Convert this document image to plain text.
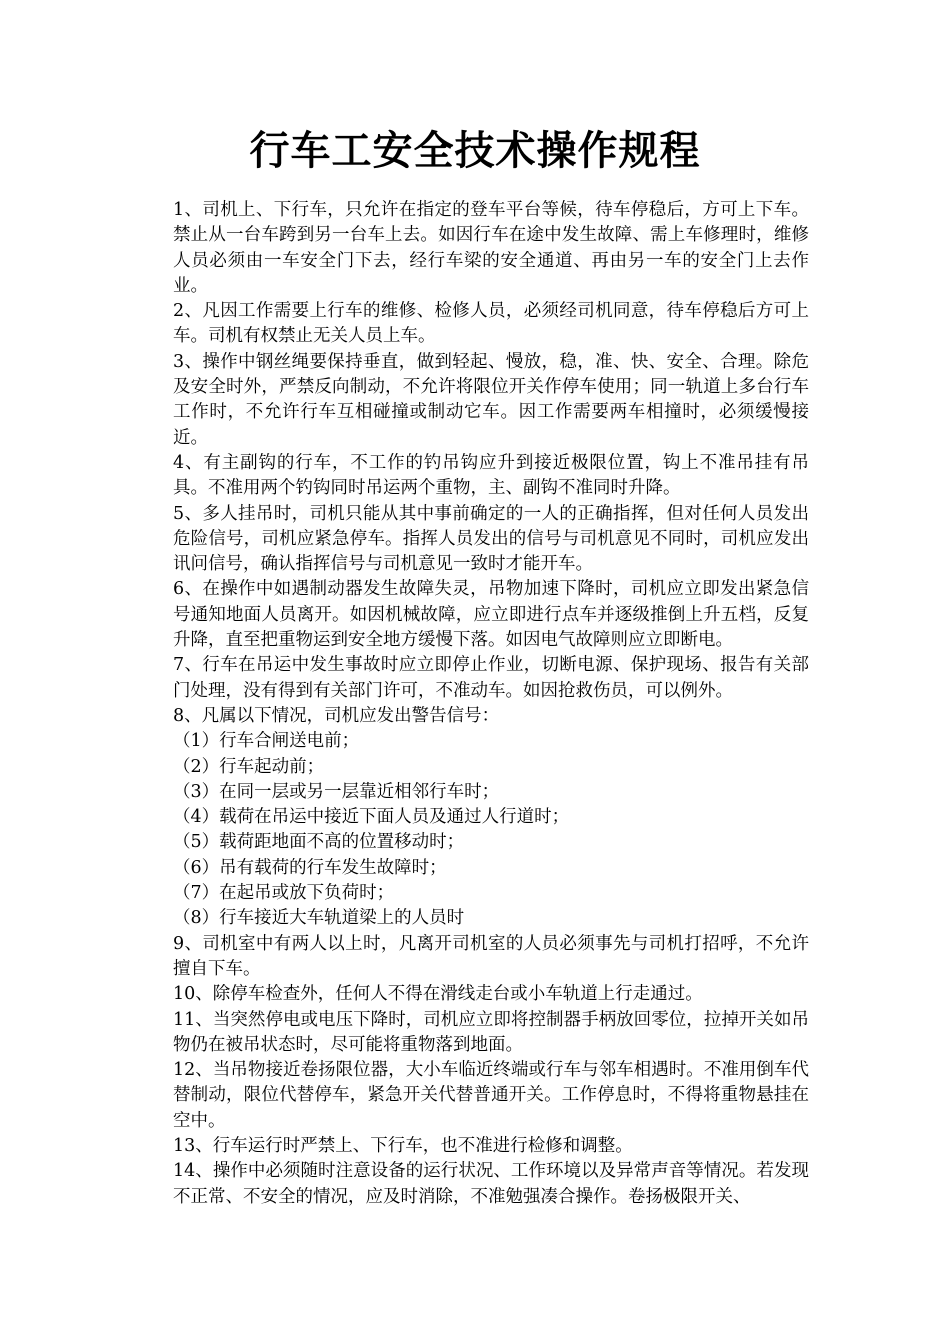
行车工安全技术操作规程

1、司机上、下行车，只允许在指定的登车平台等候，待车停稳后，方可上下车。禁止从一台车跨到另一台车上去。如因行车在途中发生故障、需上车修理时，维修人员必须由一车安全门下去，经行车梁的安全通道、再由另一车的安全门上去作业。

2、凡因工作需要上行车的维修、检修人员，必须经司机同意，待车停稳后方可上车。司机有权禁止无关人员上车。

3、操作中钢丝绳要保持垂直，做到轻起、慢放，稳，准、快、安全、合理。除危及安全时外，严禁反向制动，不允许将限位开关作停车使用；同一轨道上多台行车工作时，不允许行车互相碰撞或制动它车。因工作需要两车相撞时，必须缓慢接近。

4、有主副钩的行车，不工作的钓吊钩应升到接近极限位置，钩上不准吊挂有吊具。不准用两个钓钩同时吊运两个重物，主、副钩不准同时升降。

5、多人挂吊时，司机只能从其中事前确定的一人的正确指挥，但对任何人员发出危险信号，司机应紧急停车。指挥人员发出的信号与司机意见不同时，司机应发出讯问信号，确认指挥信号与司机意见一致时才能开车。

6、在操作中如遇制动器发生故障失灵，吊物加速下降时，司机应立即发出紧急信号通知地面人员离开。如因机械故障，应立即进行点车并逐级推倒上升五档，反复升降，直至把重物运到安全地方缓慢下落。如因电气故障则应立即断电。

7、行车在吊运中发生事故时应立即停止作业，切断电源、保护现场、报告有关部门处理，没有得到有关部门许可，不准动车。如因抢救伤员，可以例外。

8、凡属以下情况，司机应发出警告信号：

（1）行车合闸送电前；

（2）行车起动前；

（3）在同一层或另一层靠近相邻行车时；

（4）载荷在吊运中接近下面人员及通过人行道时；

（5）载荷距地面不高的位置移动时；

（6）吊有载荷的行车发生故障时；

（7）在起吊或放下负荷时；

（8）行车接近大车轨道梁上的人员时

9、司机室中有两人以上时，凡离开司机室的人员必须事先与司机打招呼，不允许擅自下车。

10、除停车检查外，任何人不得在滑线走台或小车轨道上行走通过。

11、当突然停电或电压下降时，司机应立即将控制器手柄放回零位，拉掉开关如吊物仍在被吊状态时，尽可能将重物落到地面。

12、当吊物接近卷扬限位器，大小车临近终端或行车与邻车相遇时。不准用倒车代替制动，限位代替停车，紧急开关代替普通开关。工作停息时，不得将重物悬挂在空中。

13、行车运行时严禁上、下行车，也不准进行检修和调整。

14、操作中必须随时注意设备的运行状况、工作环境以及异常声音等情况。若发现不正常、不安全的情况，应及时消除，不准勉强凑合操作。卷扬极限开关、
